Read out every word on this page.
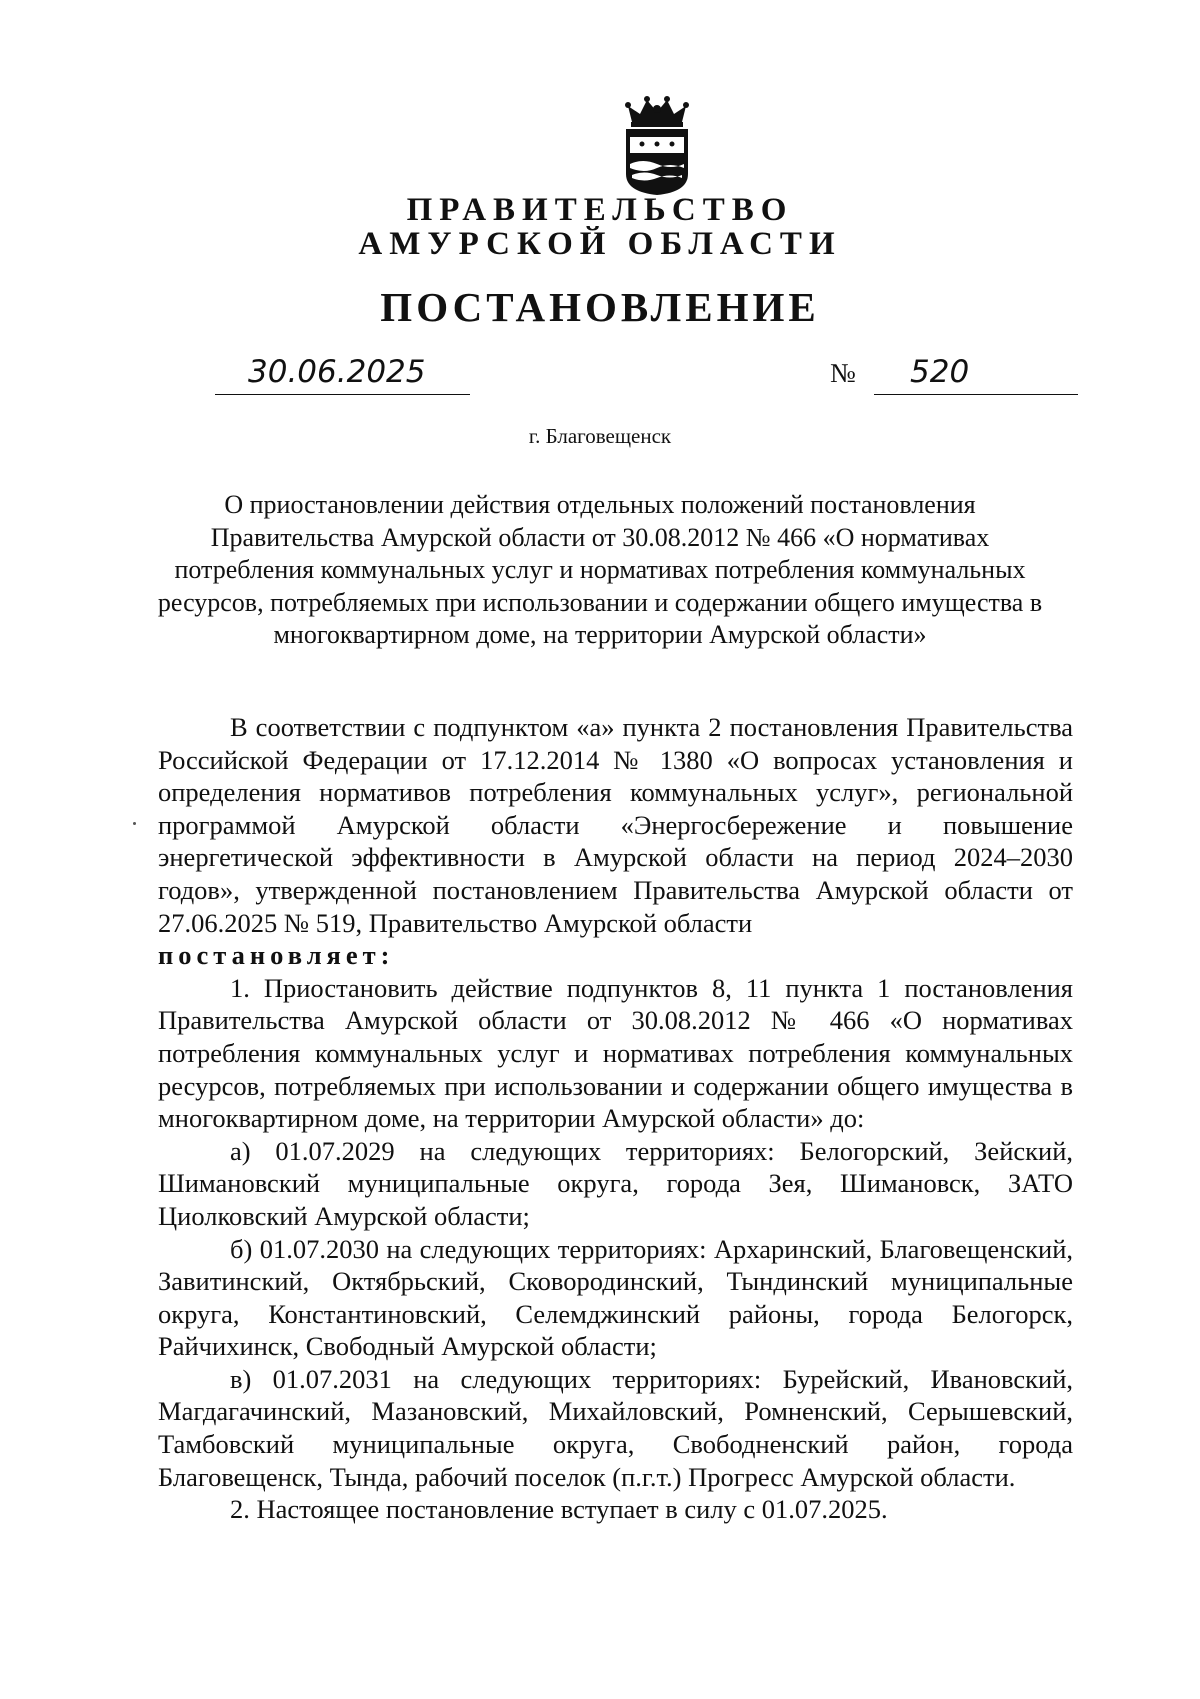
ПРАВИТЕЛЬСТВО
АМУРСКОЙ ОБЛАСТИ
ПОСТАНОВЛЕНИЕ
30.06.2025	№ 520
г. Благовещенск
О приостановлении действия отдельных положений постановления Правительства Амурской области от 30.08.2012 № 466 «О нормативах потребления коммунальных услуг и нормативах потребления коммунальных ресурсов, потребляемых при использовании и содержании общего имущества в многоквартирном доме, на территории Амурской области»

В соответствии с подпунктом «а» пункта 2 постановления Правительства Российской Федерации от 17.12.2014 № 1380 «О вопросах установления и определения нормативов потребления коммунальных услуг», региональной программой Амурской области «Энергосбережение и повышение энергетической эффективности в Амурской области на период 2024–2030 годов», утвержденной постановлением Правительства Амурской области от 27.06.2025 № 519, Правительство Амурской области

постановляет:

1. Приостановить действие подпунктов 8, 11 пункта 1 постановления Правительства Амурской области от 30.08.2012 № 466 «О нормативах потребления коммунальных услуг и нормативах потребления коммунальных ресурсов, потребляемых при использовании и содержании общего имущества в многоквартирном доме, на территории Амурской области» до:

а) 01.07.2029 на следующих территориях: Белогорский, Зейский, Шимановский муниципальные округа, города Зея, Шимановск, ЗАТО Циолковский Амурской области;

б) 01.07.2030 на следующих территориях: Архаринский, Благовещенский, Завитинский, Октябрьский, Сковородинский, Тындинский муниципальные округа, Константиновский, Селемджинский районы, города Белогорск, Райчихинск, Свободный Амурской области;

в) 01.07.2031 на следующих территориях: Бурейский, Ивановский, Магдагачинский, Мазановский, Михайловский, Ромненский, Серышевский, Тамбовский муниципальные округа, Свободненский район, города Благовещенск, Тында, рабочий поселок (п.г.т.) Прогресс Амурской области.

2. Настоящее постановление вступает в силу с 01.07.2025.
